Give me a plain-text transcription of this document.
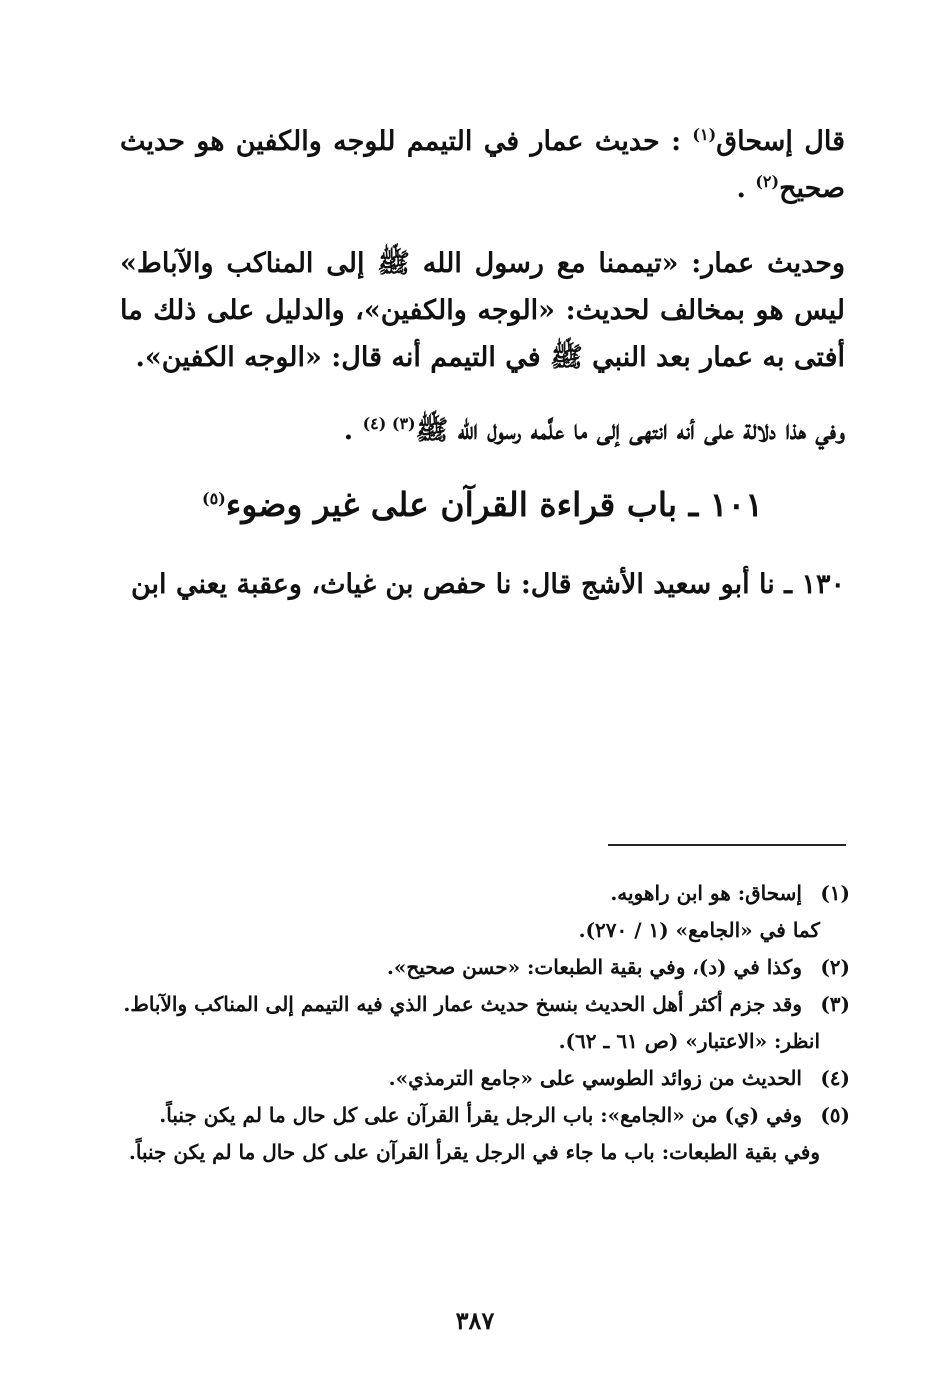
قال إسحاق$^{(١)}$ : حديث عمار في التيمم للوجه والكفين هو حديث صحيح$^{(٢)}$ .
وحديث عمار: «تيممنا مع رسول الله ﷺ إلى المناكب والآباط» ليس هو بمخالف لحديث: «الوجه والكفين»، والدليل على ذلك ما أفتى به عمار بعد النبي ﷺ في التيمم أنه قال: «الوجه الكفين».
وفي هذا دلالة على أنه انتهى إلى ما علَّمه رسول الله ﷺ$^{(٣) (٤)}$ .
١٠١ ـ باب قراءة القرآن على غير وضوء$^{(٥)}$
١٣٠ ـ نا أبو سعيد الأشج قال: نا حفص بن غياث، وعقبة يعني ابن
(١)
إسحاق: هو ابن راهويه.
كما في «الجامع» (١ / ٢٧٠).
(٢)
وكذا في (د)، وفي بقية الطبعات: «حسن صحيح».
(٣)
وقد جزم أكثر أهل الحديث بنسخ حديث عمار الذي فيه التيمم إلى المناكب والآباط.
انظر: «الاعتبار» (ص ٦١ ـ ٦٢).
(٤)
الحديث من زوائد الطوسي على «جامع الترمذي».
(٥)
وفي (ي) من «الجامع»: باب الرجل يقرأ القرآن على كل حال ما لم يكن جنباً.
وفي بقية الطبعات: باب ما جاء في الرجل يقرأ القرآن على كل حال ما لم يكن جنباً.
٣٨٧
